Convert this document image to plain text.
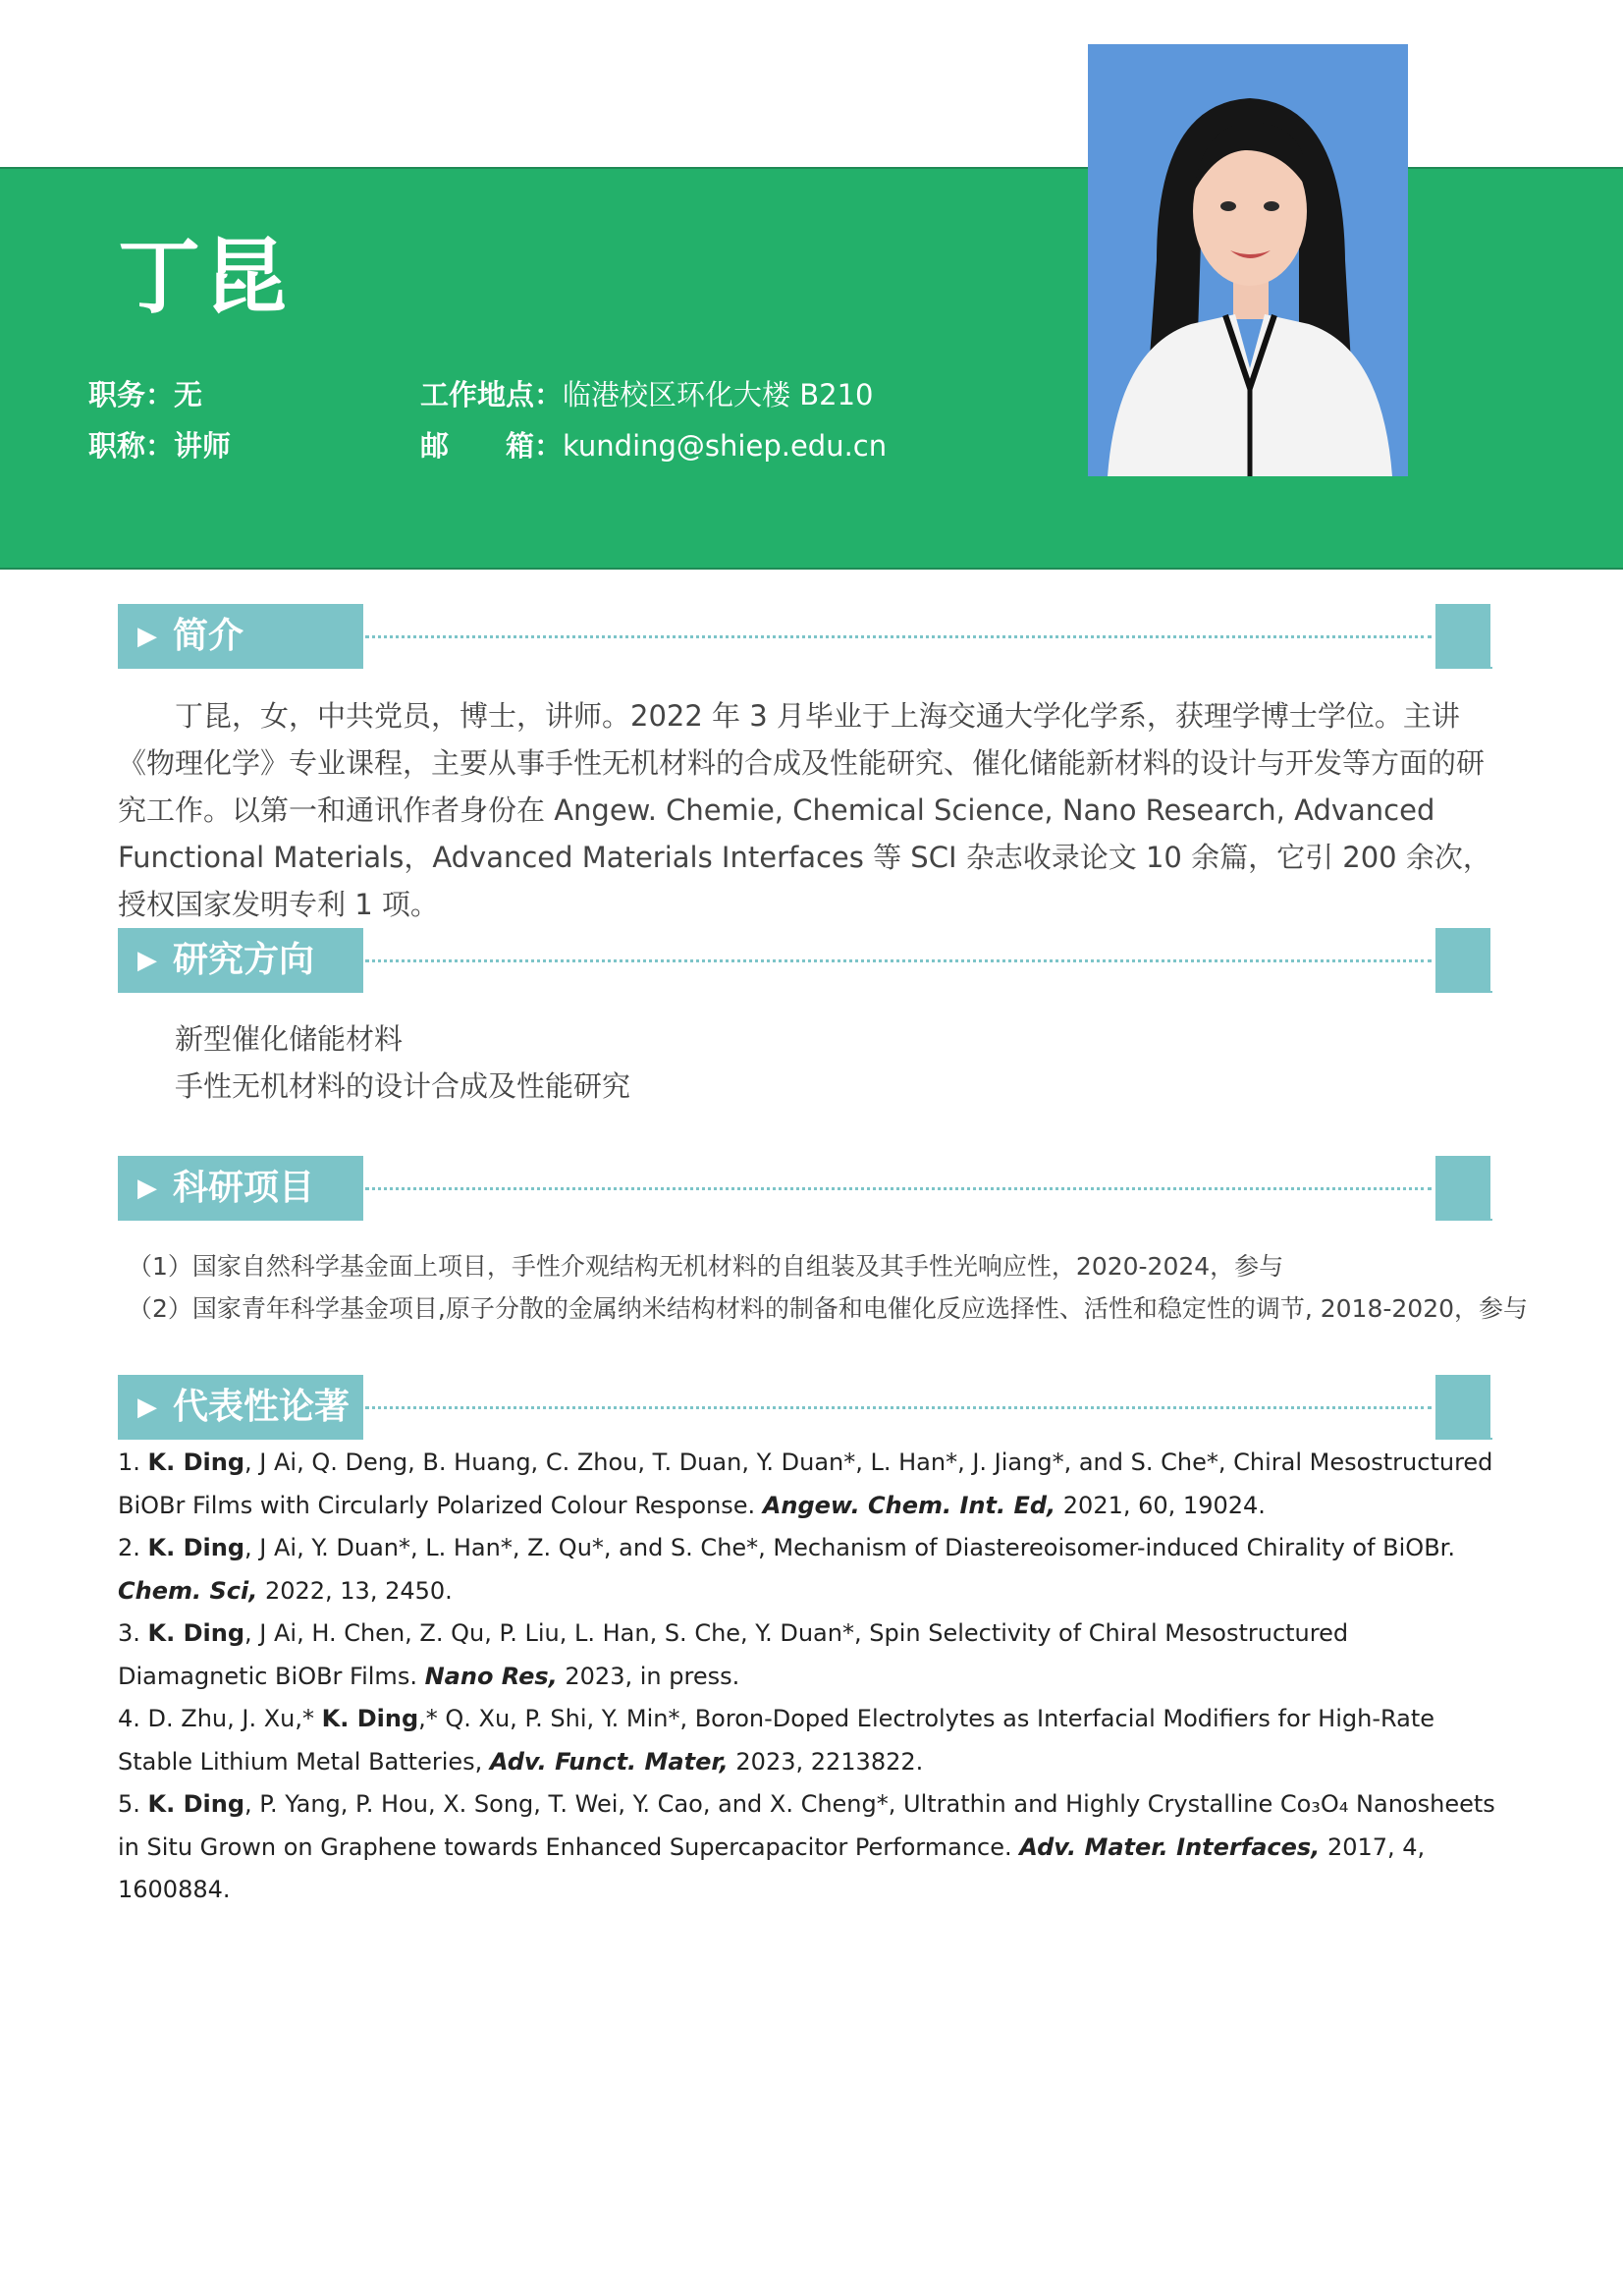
丁昆
职务：无
职称：讲师
工作地点：临港校区环化大楼 B210
邮　　箱：kunding@shiep.edu.cn
▶ 简介

丁昆，女，中共党员，博士，讲师。2022 年 3 月毕业于上海交通大学化学系，获理学博士学位。主讲《物理化学》专业课程，主要从事手性无机材料的合成及性能研究、催化储能新材料的设计与开发等方面的研究工作。以第一和通讯作者身份在 Angew. Chemie, Chemical Science, Nano Research, Advanced Functional Materials，Advanced Materials Interfaces 等 SCI 杂志收录论文 10 余篇，它引 200 余次，授权国家发明专利 1 项。

▶ 研究方向
新型催化储能材料
手性无机材料的设计合成及性能研究
▶ 科研项目
（1）国家自然科学基金面上项目，手性介观结构无机材料的自组装及其手性光响应性，2020-2024，参与
（2）国家青年科学基金项目,原子分散的金属纳米结构材料的制备和电催化反应选择性、活性和稳定性的调节, 2018-2020，参与
▶ 代表性论著

1. K. Ding, J Ai, Q. Deng, B. Huang, C. Zhou, T. Duan, Y. Duan*, L. Han*, J. Jiang*, and S. Che*, Chiral Mesostructured BiOBr Films with Circularly Polarized Colour Response. Angew. Chem. Int. Ed, 2021, 60, 19024.

2. K. Ding, J Ai, Y. Duan*, L. Han*, Z. Qu*, and S. Che*, Mechanism of Diastereoisomer-induced Chirality of BiOBr. Chem. Sci, 2022, 13, 2450.

3. K. Ding, J Ai, H. Chen, Z. Qu, P. Liu, L. Han, S. Che, Y. Duan*, Spin Selectivity of Chiral Mesostructured Diamagnetic BiOBr Films. Nano Res, 2023, in press.

4. D. Zhu, J. Xu,* K. Ding,* Q. Xu, P. Shi, Y. Min*, Boron-Doped Electrolytes as Interfacial Modifiers for High-Rate Stable Lithium Metal Batteries, Adv. Funct. Mater, 2023, 2213822.

5. K. Ding, P. Yang, P. Hou, X. Song, T. Wei, Y. Cao, and X. Cheng*, Ultrathin and Highly Crystalline Co₃O₄ Nanosheets in Situ Grown on Graphene towards Enhanced Supercapacitor Performance. Adv. Mater. Interfaces, 2017, 4, 1600884.
